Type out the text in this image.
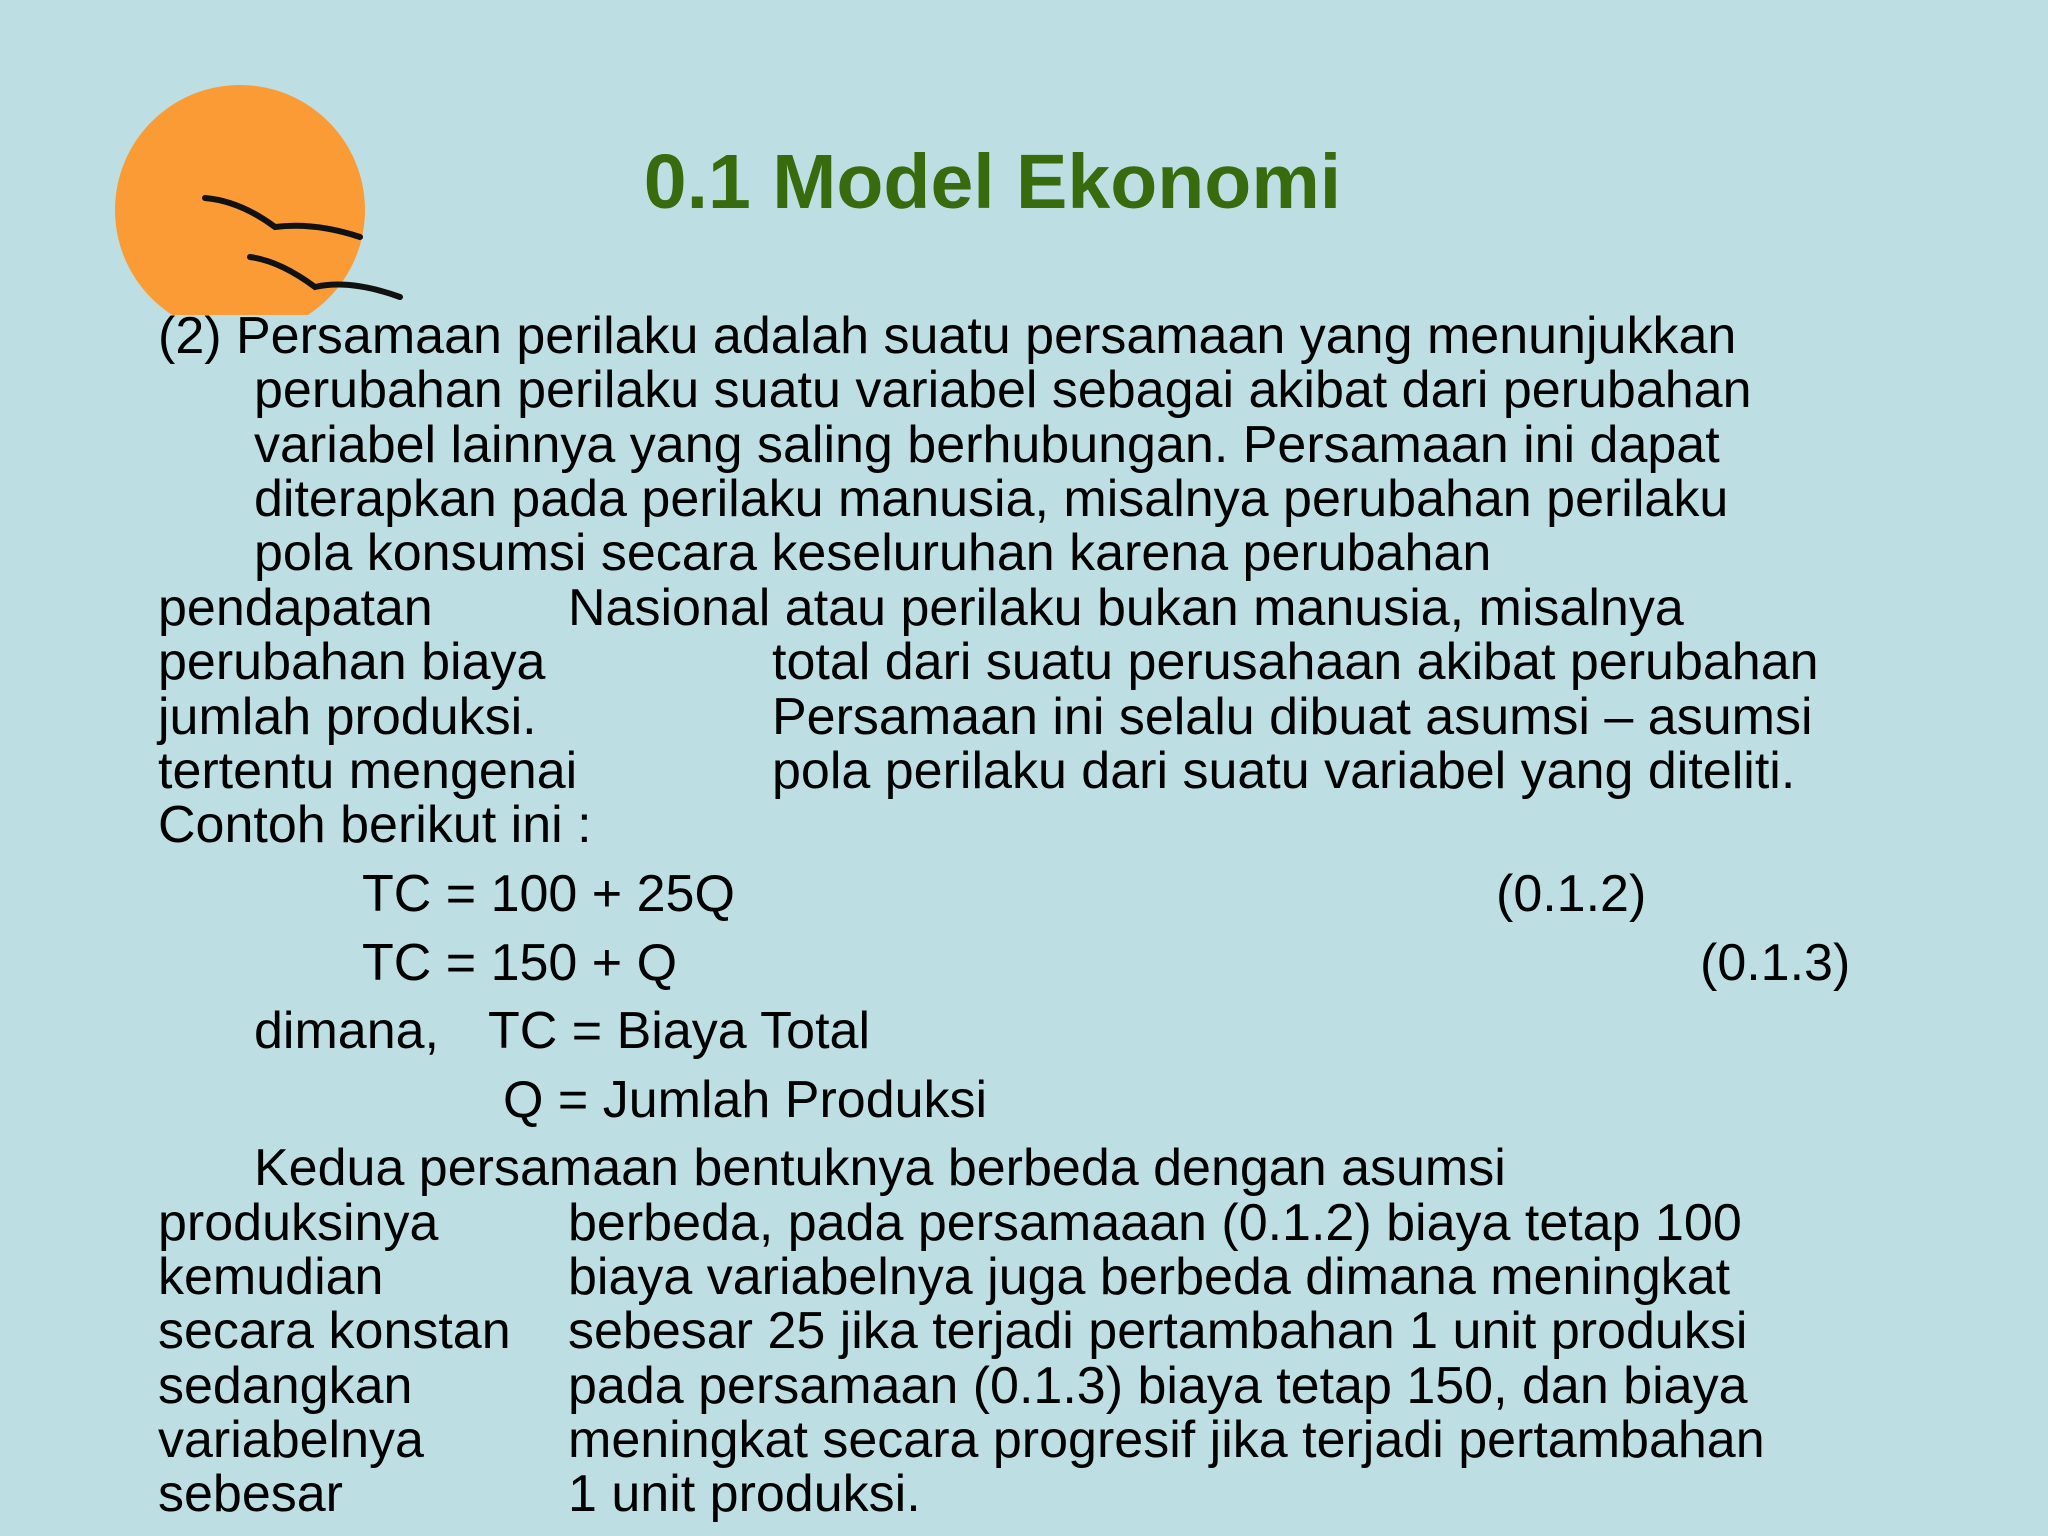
0.1 Model Ekonomi
(2) Persamaan perilaku adalah suatu persamaan yang menunjukkan
perubahan perilaku suatu variabel sebagai akibat dari perubahan
variabel lainnya yang saling berhubungan. Persamaan ini dapat
diterapkan pada perilaku manusia, misalnya perubahan perilaku
pola konsumsi secara keseluruhan karena perubahan
pendapatan	Nasional atau perilaku bukan manusia, misalnya
perubahan biaya	total dari suatu perusahaan akibat perubahan
jumlah produksi.	Persamaan ini selalu dibuat asumsi – asumsi
tertentu mengenai	pola perilaku dari suatu variabel yang diteliti.
Contoh berikut ini :
TC = 100 + 25Q	(0.1.2)
TC = 150 + Q	(0.1.3)
dimana, TC = Biaya Total
Q = Jumlah Produksi
Kedua persamaan bentuknya berbeda dengan asumsi
produksinya berbeda, pada persamaaan (0.1.2) biaya tetap 100
kemudian	biaya variabelnya juga berbeda dimana meningkat
secara konstan sebesar 25 jika terjadi pertambahan 1 unit produksi
sedangkan	pada persamaan (0.1.3) biaya tetap 150, dan biaya
variabelnya	meningkat secara progresif jika terjadi pertambahan
sebesar	1 unit produksi.
